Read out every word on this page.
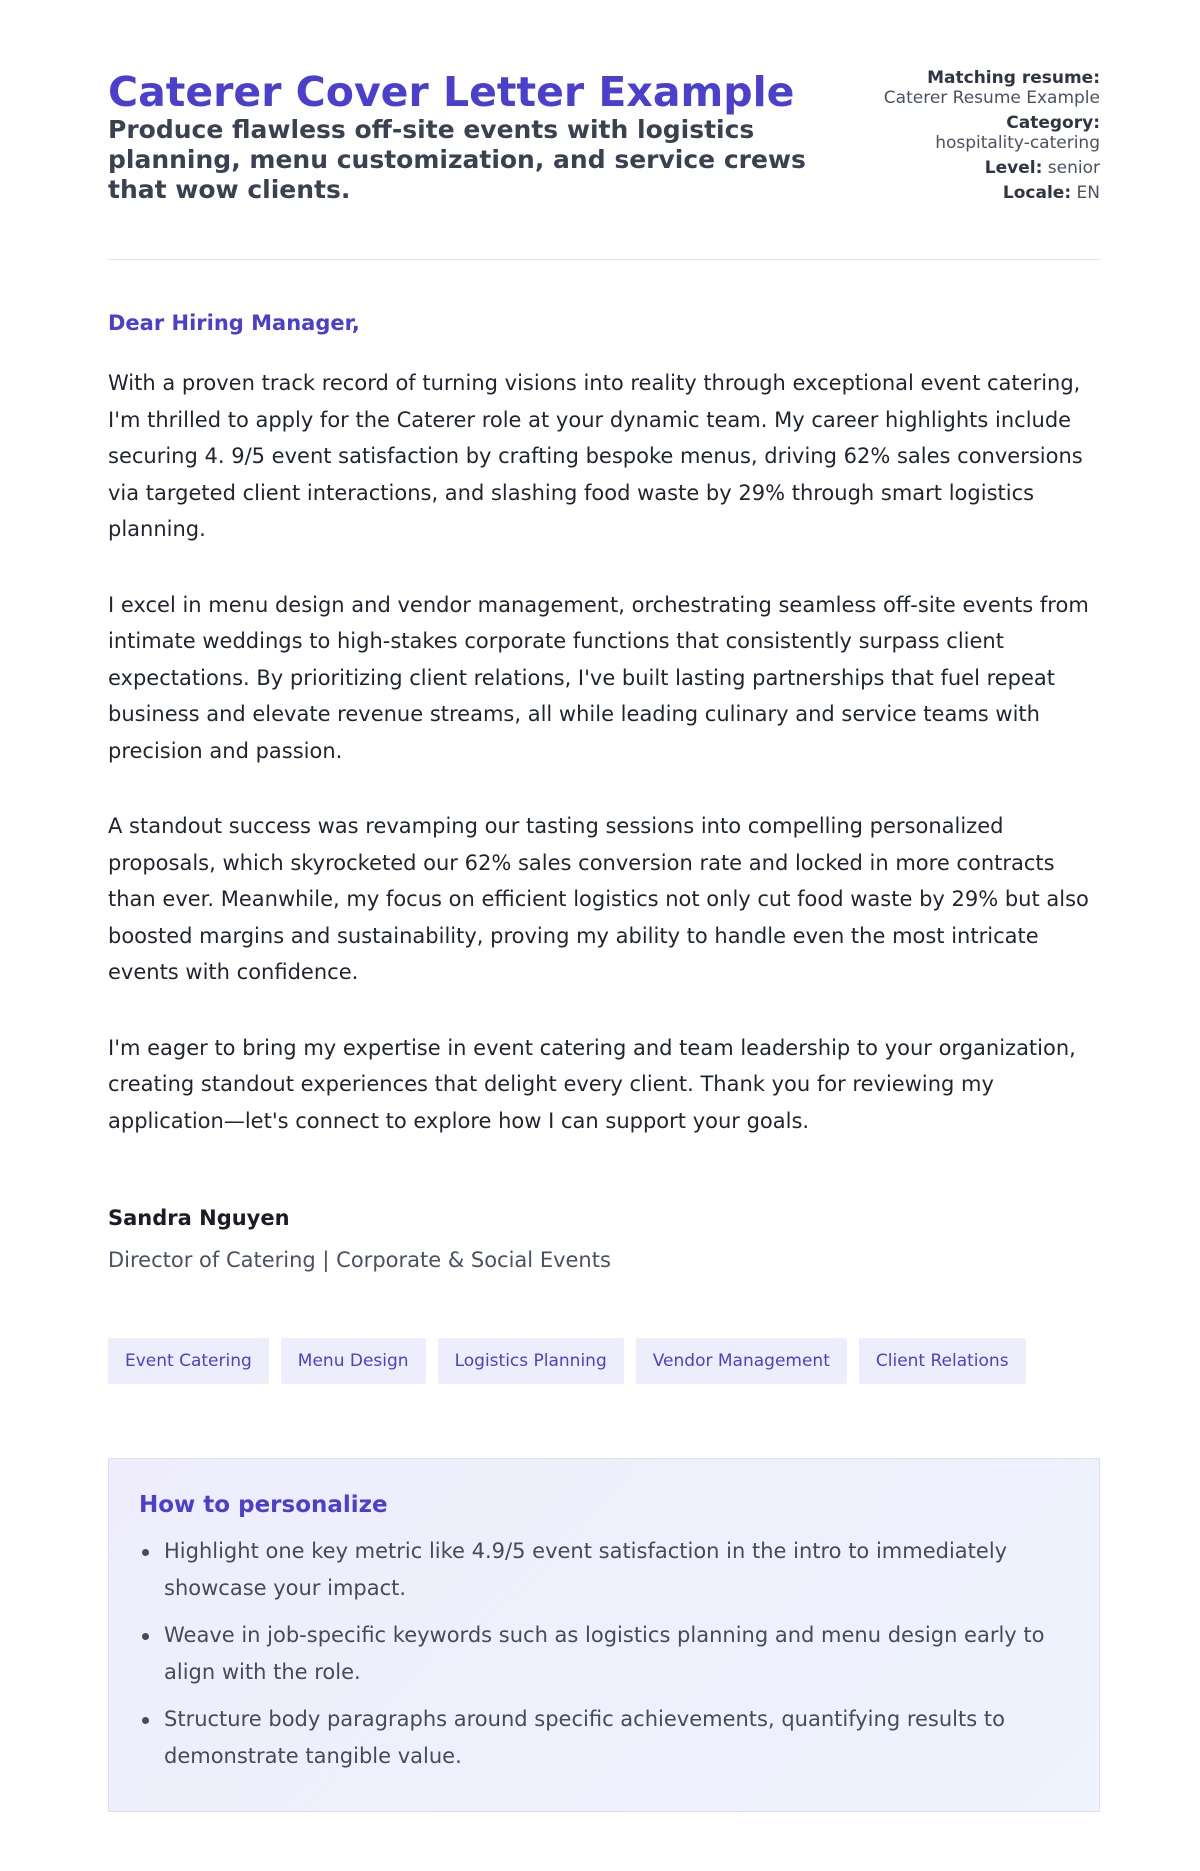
Caterer Cover Letter Example
Produce flawless off-site events with logistics planning, menu customization, and service crews that wow clients.
Matching resume:
Caterer Resume Example
Category:
hospitality-catering
Level: senior
Locale: EN
Dear Hiring Manager,

With a proven track record of turning visions into reality through exceptional event catering, I'm thrilled to apply for the Caterer role at your dynamic team. My career highlights include securing 4. 9/5 event satisfaction by crafting bespoke menus, driving 62% sales conversions via targeted client interactions, and slashing food waste by 29% through smart logistics planning.

I excel in menu design and vendor management, orchestrating seamless off-site events from intimate weddings to high-stakes corporate functions that consistently surpass client expectations. By prioritizing client relations, I've built lasting partnerships that fuel repeat business and elevate revenue streams, all while leading culinary and service teams with precision and passion.

A standout success was revamping our tasting sessions into compelling personalized proposals, which skyrocketed our 62% sales conversion rate and locked in more contracts than ever. Meanwhile, my focus on efficient logistics not only cut food waste by 29% but also boosted margins and sustainability, proving my ability to handle even the most intricate events with confidence.

I'm eager to bring my expertise in event catering and team leadership to your organization, creating standout experiences that delight every client. Thank you for reviewing my application—let's connect to explore how I can support your goals.

Sandra Nguyen
Director of Catering | Corporate & Social Events
Event Catering	Menu Design	Logistics Planning	Vendor Management	Client Relations
How to personalize
Highlight one key metric like 4.9/5 event satisfaction in the intro to immediately showcase your impact.
Weave in job-specific keywords such as logistics planning and menu design early to align with the role.
Structure body paragraphs around specific achievements, quantifying results to demonstrate tangible value.
